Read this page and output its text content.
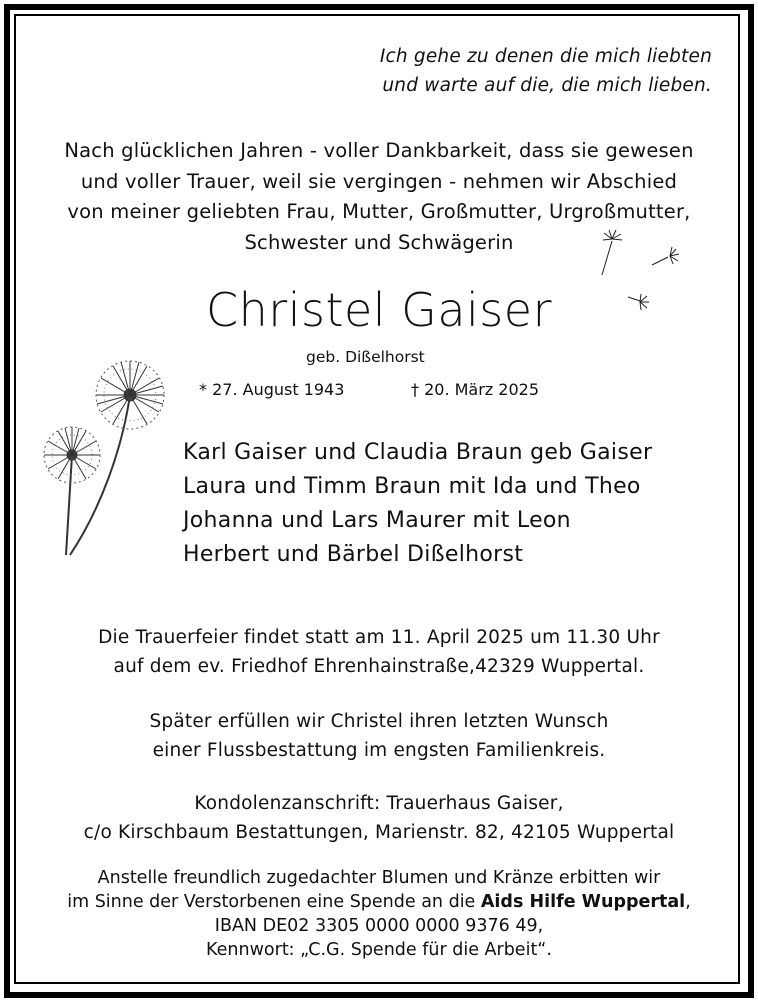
Ich gehe zu denen die mich liebten
und warte auf die, die mich lieben.
Nach glücklichen Jahren - voller Dankbarkeit, dass sie gewesen
und voller Trauer, weil sie vergingen - nehmen wir Abschied
von meiner geliebten Frau, Mutter, Großmutter, Urgroßmutter,
Schwester und Schwägerin
Christel Gaiser
geb. Dißelhorst
* 27. August 1943	† 20. März 2025
Karl Gaiser und Claudia Braun geb Gaiser
Laura und Timm Braun mit Ida und Theo
Johanna und Lars Maurer mit Leon
Herbert und Bärbel Dißelhorst
Die Trauerfeier findet statt am 11. April 2025 um 11.30 Uhr
auf dem ev. Friedhof Ehrenhainstraße,42329 Wuppertal.
Später erfüllen wir Christel ihren letzten Wunsch
einer Flussbestattung im engsten Familienkreis.
Kondolenzanschrift: Trauerhaus Gaiser,
c/o Kirschbaum Bestattungen, Marienstr. 82, 42105 Wuppertal
Anstelle freundlich zugedachter Blumen und Kränze erbitten wir
im Sinne der Verstorbenen eine Spende an die Aids Hilfe Wuppertal,
IBAN DE02 3305 0000 0000 9376 49,
Kennwort: „C.G. Spende für die Arbeit“.
